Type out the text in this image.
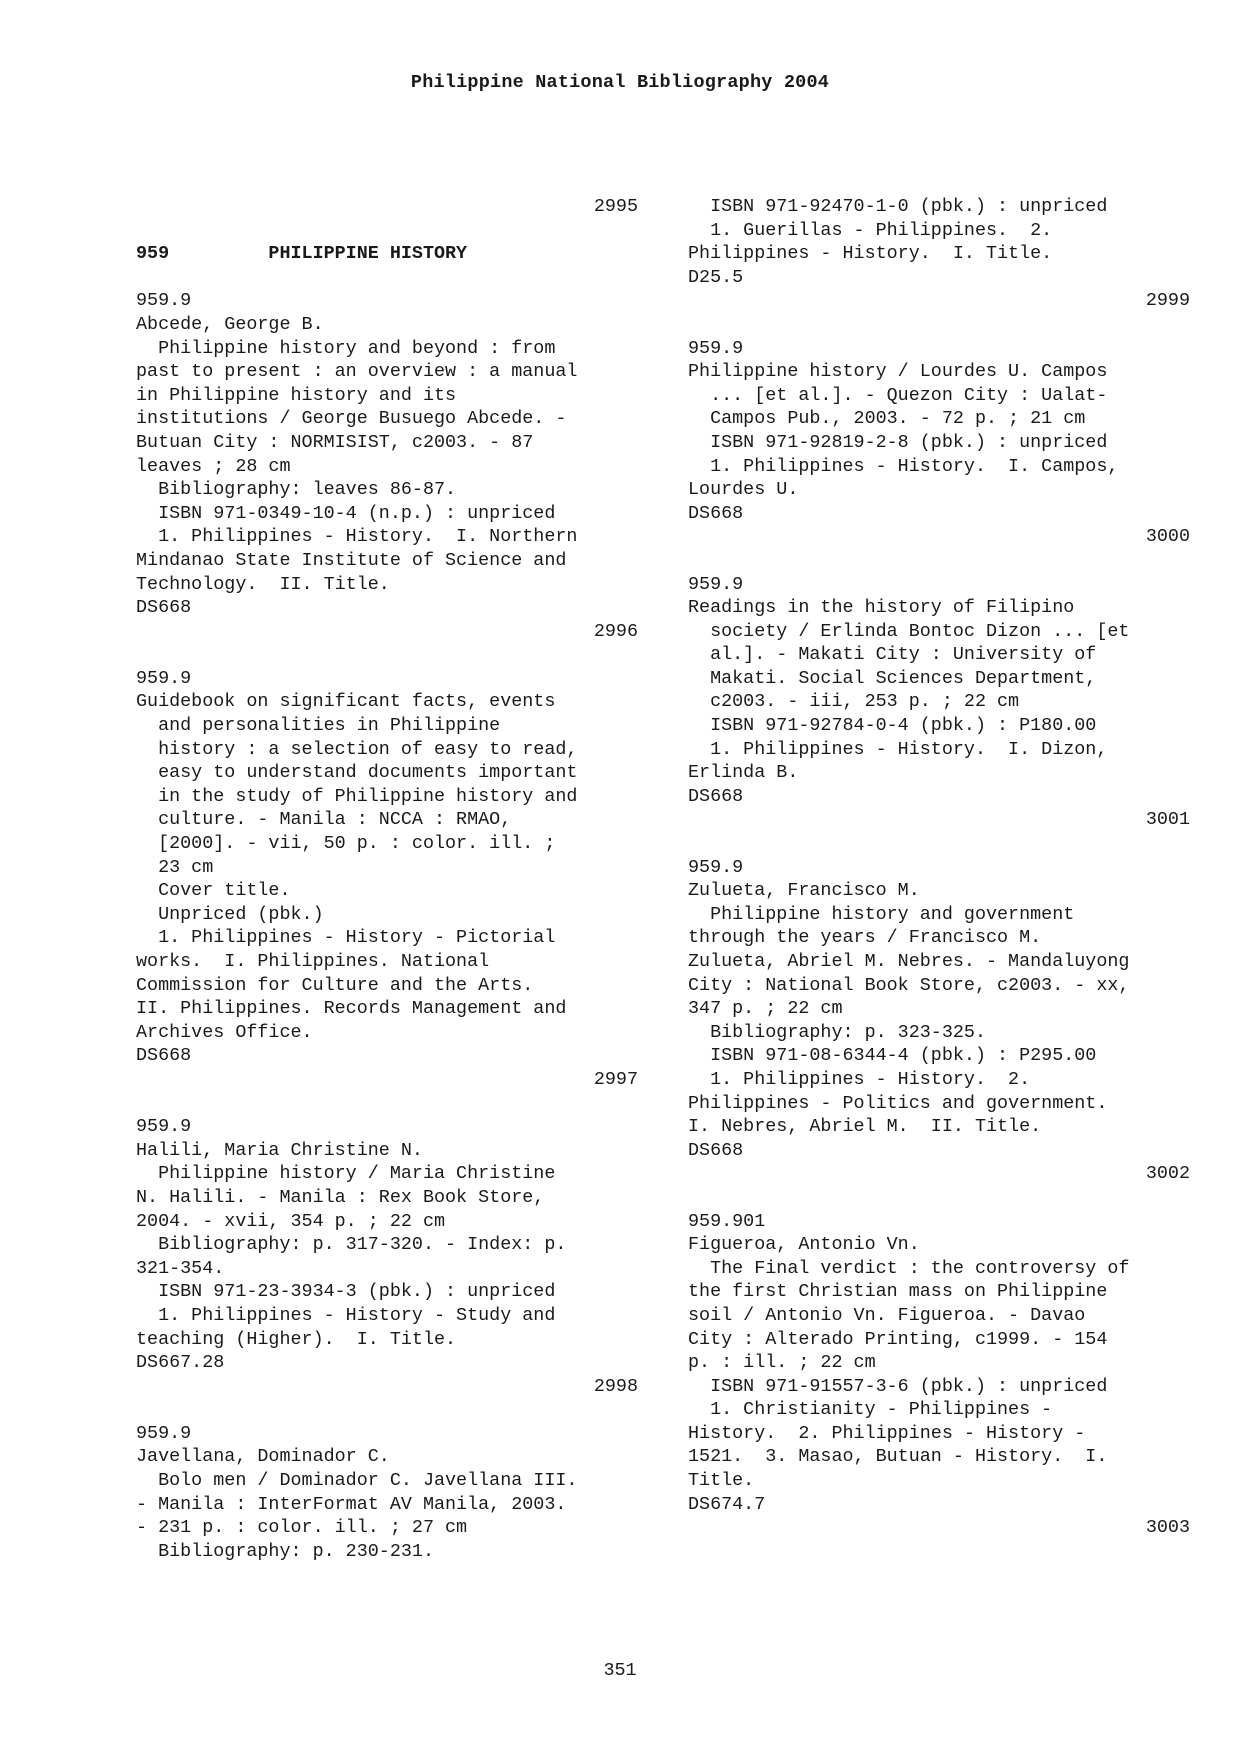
Philippine National Bibliography 2004
2995
959         PHILIPPINE HISTORY
959.9
Abcede, George B.
Philippine history and beyond : from
past to present : an overview : a manual
in Philippine history and its
institutions / George Busuego Abcede. -
Butuan City : NORMISIST, c2003. - 87
leaves ; 28 cm
Bibliography: leaves 86-87.
ISBN 971-0349-10-4 (n.p.) : unpriced
1. Philippines - History.  I. Northern
Mindanao State Institute of Science and
Technology.  II. Title.
DS668
2996
959.9
Guidebook on significant facts, events
and personalities in Philippine
history : a selection of easy to read,
easy to understand documents important
in the study of Philippine history and
culture. - Manila : NCCA : RMAO,
[2000]. - vii, 50 p. : color. ill. ;
23 cm
Cover title.
Unpriced (pbk.)
1. Philippines - History - Pictorial
works.  I. Philippines. National
Commission for Culture and the Arts.
II. Philippines. Records Management and
Archives Office.
DS668
2997
959.9
Halili, Maria Christine N.
Philippine history / Maria Christine
N. Halili. - Manila : Rex Book Store,
2004. - xvii, 354 p. ; 22 cm
Bibliography: p. 317-320. - Index: p.
321-354.
ISBN 971-23-3934-3 (pbk.) : unpriced
1. Philippines - History - Study and
teaching (Higher).  I. Title.
DS667.28
2998
959.9
Javellana, Dominador C.
Bolo men / Dominador C. Javellana III.
- Manila : InterFormat AV Manila, 2003.
- 231 p. : color. ill. ; 27 cm
Bibliography: p. 230-231.
ISBN 971-92470-1-0 (pbk.) : unpriced
1. Guerillas - Philippines.  2.
Philippines - History.  I. Title.
D25.5
2999
959.9
Philippine history / Lourdes U. Campos
... [et al.]. - Quezon City : Ualat-
Campos Pub., 2003. - 72 p. ; 21 cm
ISBN 971-92819-2-8 (pbk.) : unpriced
1. Philippines - History.  I. Campos,
Lourdes U.
DS668
3000
959.9
Readings in the history of Filipino
society / Erlinda Bontoc Dizon ... [et
al.]. - Makati City : University of
Makati. Social Sciences Department,
c2003. - iii, 253 p. ; 22 cm
ISBN 971-92784-0-4 (pbk.) : P180.00
1. Philippines - History.  I. Dizon,
Erlinda B.
DS668
3001
959.9
Zulueta, Francisco M.
Philippine history and government
through the years / Francisco M.
Zulueta, Abriel M. Nebres. - Mandaluyong
City : National Book Store, c2003. - xx,
347 p. ; 22 cm
Bibliography: p. 323-325.
ISBN 971-08-6344-4 (pbk.) : P295.00
1. Philippines - History.  2.
Philippines - Politics and government.
I. Nebres, Abriel M.  II. Title.
DS668
3002
959.901
Figueroa, Antonio Vn.
The Final verdict : the controversy of
the first Christian mass on Philippine
soil / Antonio Vn. Figueroa. - Davao
City : Alterado Printing, c1999. - 154
p. : ill. ; 22 cm
ISBN 971-91557-3-6 (pbk.) : unpriced
1. Christianity - Philippines -
History.  2. Philippines - History -
1521.  3. Masao, Butuan - History.  I.
Title.
DS674.7
3003
351
